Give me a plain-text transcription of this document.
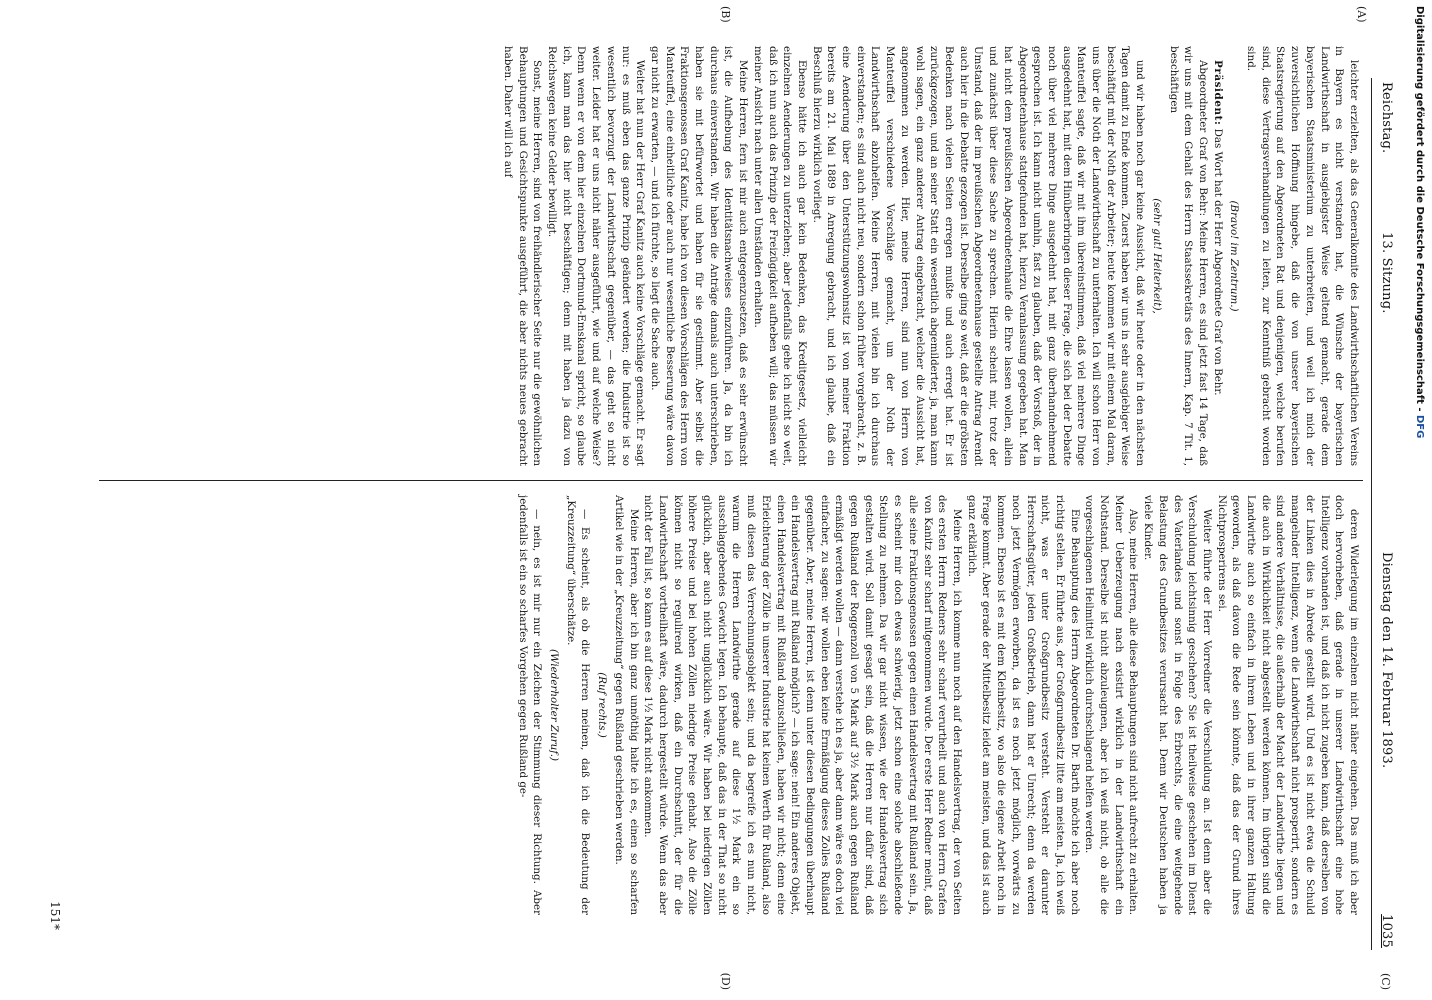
Reichstag.
13. Sitzung.
Dienstag den 14. Februar 1893.
1035
(A)
(B)
(C)
(D)

leichter erzielten, als das Generalkomite des Landwirthschaftlichen Vereins in Bayern es nicht verstanden hat, die Wünsche der bayerischen Landwirthschaft in ausgiebigster Weise geltend gemacht, gerade dem bayerischen Staatsministerium zu unterbreiten, und weil ich mich der zuversichtlichen Hoffnung hingebe, daß die von unserer bayerischen Staatsregierung auf den Abgeordneten Rat und denjenigen, welche berufen sind, diese Vertragsverhandlungen zu leiten, zur Kenntniß gebracht worden sind.

(Bravo! im Zentrum.)

Präsident: Das Wort hat der Herr Abgeordnete Graf von Behr.

Abgeordneter Graf von Behr: Meine Herren, es sind jetzt fast 14 Tage, daß wir uns mit dem Gehalt des Herrn Staatssekretärs des Innern, Kap. 7 Tit. 1, beschäftigen

(sehr gut! Heiterkeit),

und wir haben noch gar keine Aussicht, daß wir heute oder in den nächsten Tagen damit zu Ende kommen. Zuerst haben wir uns in sehr ausgiebiger Weise beschäftigt mit der Noth der Arbeiter; heute kommen wir mit einem Mal daran, uns über die Noth der Landwirthschaft zu unterhalten. Ich will schon Herr von Manteuffel sagte, daß wir mit ihm übereinstimmen, daß viel mehrere Dinge ausgedehnt hat, mit dem Hinüberbringen dieser Frage, die sich bei der Debatte noch über viel mehrere Dinge ausgedehnt hat, mit ganz überhandnehmend gesprochen ist. Ich kann nicht umhin, fast zu glauben, daß der Vorstoß, der in Abgeordnetenhause stattgefunden hat, hierzu Veranlassung gegeben hat. Man hat nicht dem preußischen Abgeordnetenhaufe die Ehre lassen wollen, allein und zunächst über diese Sache zu sprechen. Hierin scheint mir, trotz der Umstand, daß der im preußischen Abgeordnetenhause gestellte Antrag Arendt auch hier in die Debatte gezogen ist. Derselbe ging so weit, daß er die gröbsten Bedenken nach vielen Seiten erregen mußte und auch erregt hat. Er ist zurückgezogen, und an seiner Statt ein wesentlich abgemilderter, ja, man kann wohl sagen, ein ganz anderer Antrag eingebracht, welcher die Aussicht hat, angenommen zu werden. Hier, meine Herren, sind nun von Herrn von Manteuffel verschiedene Vorschläge gemacht, um der Noth der Landwirthschaft abzuhelfen. Meine Herren, mit vielen bin ich durchaus einverstanden; es sind auch nicht neu, sondern schon früher vorgebracht, z. B. eine Aenderung über den Unterstützungswohnsitz ist von meiner Fraktion bereits am 21. Mai 1889 in Anregung gebracht, und ich glaube, daß ein Beschluß hierzu wirklich vorliegt.

Ebenso hätte ich auch gar kein Bedenken, das Kreditgesetz, vielleicht einzelnen Aenderungen zu unterziehen; aber jedenfalls gehe ich nicht so weit, daß ich nun auch das Prinzip der Freizügigkeit aufheben will; das müssen wir meiner Ansicht nach unter allen Umständen erhalten.

Meine Herren, fern ist mir auch entgegenzusetzen, daß es sehr erwünscht ist, die Aufhebung des Identitätsnachweises einzuführen. Ja, da bin ich durchaus einverstanden. Wir haben die Anträge damals auch unterschrieben, haben sie mit befürwortet und haben für sie gestimmt. Aber selbst die Fraktionsgenossen Graf Kanitz, habe ich von diesen Vorschlägen des Herrn von Manteuffel, eine einheitliche oder auch nur wesentliche Besserung wäre davon gar nicht zu erwarten, — und ich fürchte, so liegt die Sache auch.

Weiter hat nun der Herr Graf Kanitz auch keine Vorschläge gemacht. Er sagt nur: es muß eben das ganze Prinzip geändert werden; die Industrie ist so wesentlich bevorzugt der Landwirthschaft gegenüber, — das geht so nicht weiter. Leider hat er uns nicht näher ausgeführt, wie und auf welche Weise? Denn wenn er von dem hier einzelnen Dortmund-Emskanal spricht, so glaube ich, kann man das hier nicht beschäftigen; denn mit haben ja dazu von Reichswegen keine Gelder bewilligt.

Sonst, meine Herren, sind von freihändlerischer Seite nur die gewöhnlichen Behauptungen und Gesichtspunkte ausgeführt, die aber nichts neues gebracht haben. Daher will ich auf

deren Widerlegung im einzelnen nicht näher eingehen. Das muß ich aber doch hervorheben, daß gerade in unserer Landwirthschaft eine hohe Intelligenz vorhanden ist, und daß ich nicht zugeben kann, daß derselben von der Linken dies in Abrede gestellt wird. Und es ist nicht etwa die Schuld mangelnder Intelligenz, wenn die Landwirthschaft nicht prosperirt, sondern es sind andere Verhältnisse, die außerhalb der Macht der Landwirthe liegen und die auch in Wirklichkeit nicht abgestellt werden können. Im übrigen sind die Landwirthe auch so einfach in ihrem Leben und in ihrer ganzen Haltung geworden, als daß davon die Rede sein könnte, daß das der Grund ihres Nichtprosperirens sei.

Weiter führte der Herr Vorredner die Verschuldung an. Ist denn aber die Verschuldung leichtsinnig geschehen? Sie ist theilweise geschehen im Dienst des Vaterlandes und sonst in Folge des Erbrechts, die eine weitgehende Belastung des Grundbesitzes verursacht hat. Denn wir Deutschen haben ja viele Kinder.

Also, meine Herren, alle diese Behauptungen sind nicht aufrecht zu erhalten. Meiner Ueberzeugung nach existirt wirklich in der Landwirthschaft ein Nothstand. Derselbe ist nicht abzuleugnen, aber ich weiß nicht, ob alle die vorgeschlagenen Heilmittel wirklich durchschlagend helfen werden.

Eine Behauptung des Herrn Abgeordneten Dr. Barth möchte ich aber noch richtig stellen. Er führte aus, der Großgrundbesitz litte am meisten. Ja, ich weiß nicht, was er unter Großgrundbesitz versteht. Versteht er darunter Herrschaftsgüter, jeden Großbetrieb, dann hat er Unrecht; denn da werden noch jetzt Vermögen erworben, da ist es noch jetzt möglich, vorwärts zu kommen. Ebenso ist es mit dem Kleinbesitz, wo also die eigene Arbeit noch in Frage kommt. Aber gerade der Mittelbesitz leidet am meisten, und das ist auch ganz erklärlich.

Meine Herren, ich komme nun noch auf den Handelsvertrag, der von Seiten des ersten Herrn Redners sehr scharf verurtheilt und auch von Herrn Grafen von Kanitz sehr scharf mitgenommen wurde. Der erste Herr Redner meint, daß alle seine Fraktionsgenossen gegen einen Handelsvertrag mit Rußland sein. Ja, es scheint mir doch etwas schwierig, jetzt schon eine solche abschließende Stellung zu nehmen. Da wir gar nicht wissen, wie der Handelsvertrag sich gestalten wird. Soll damit gesagt sein, daß die Herren nur dafür sind, daß gegen Rußland der Roggenzoll von 5 Mark auf 3½ Mark auch gegen Rußland ermäßigt werden wollen — dann verstehe ich es ja, aber dann wäre es doch viel einfacher, zu sagen: wir wollen eben keine Ermäßigung dieses Zolles Rußland gegenüber. Aber, meine Herren, ist denn unter diesen Bedingungen überhaupt ein Handelsvertrag mit Rußland möglich? — ich sage: nein! Ein anderes Objekt, einen Handelsvertrag mit Rußland abzuschließen, haben wir nicht; denn eine Erleichterung der Zölle in unserer Industrie hat keinen Werth für Rußland, also muß diesen das Verrechnungsobjekt sein; und da begreife ich es nun nicht, warum die Herren Landwirthe gerade auf diese 1½ Mark ein so ausschlaggebendes Gewicht legen. Ich behaupte, daß das in der That so nicht glücklich, aber auch nicht unglücklich wäre. Wir haben bei niedrigen Zöllen höhere Preise und bei hohen Zöllen niedrige Preise gehabt. Also die Zölle können nicht so regulirend wirken, daß ein Durchschnitt, der für die Landwirthschaft vortheilhaft wäre, dadurch hergestellt würde. Wenn das aber nicht der Fall ist, so kann es auf diese 1½ Mark nicht ankommen.

Meine Herren, aber ich bin ganz unnöthig halte ich es, einen so scharfen Artikel wie in der „Kreuzzeitung“ gegen Rußland geschrieben werden.

(Ruf rechts.)

— Es scheint, als ob die Herren meinen, daß ich die Bedeutung der „Kreuzzeitung“ überschätze.

(Wiederholter Zuruf.)

— nein, es ist mir nur ein Zeichen der Stimmung dieser Richtung. Aber jedenfalls ist ein so scharfes Vorgehen gegen Rußland ge-

151*
Digitalisierung gefördert durch die Deutsche Forschungsgemeinschaft - DFG
